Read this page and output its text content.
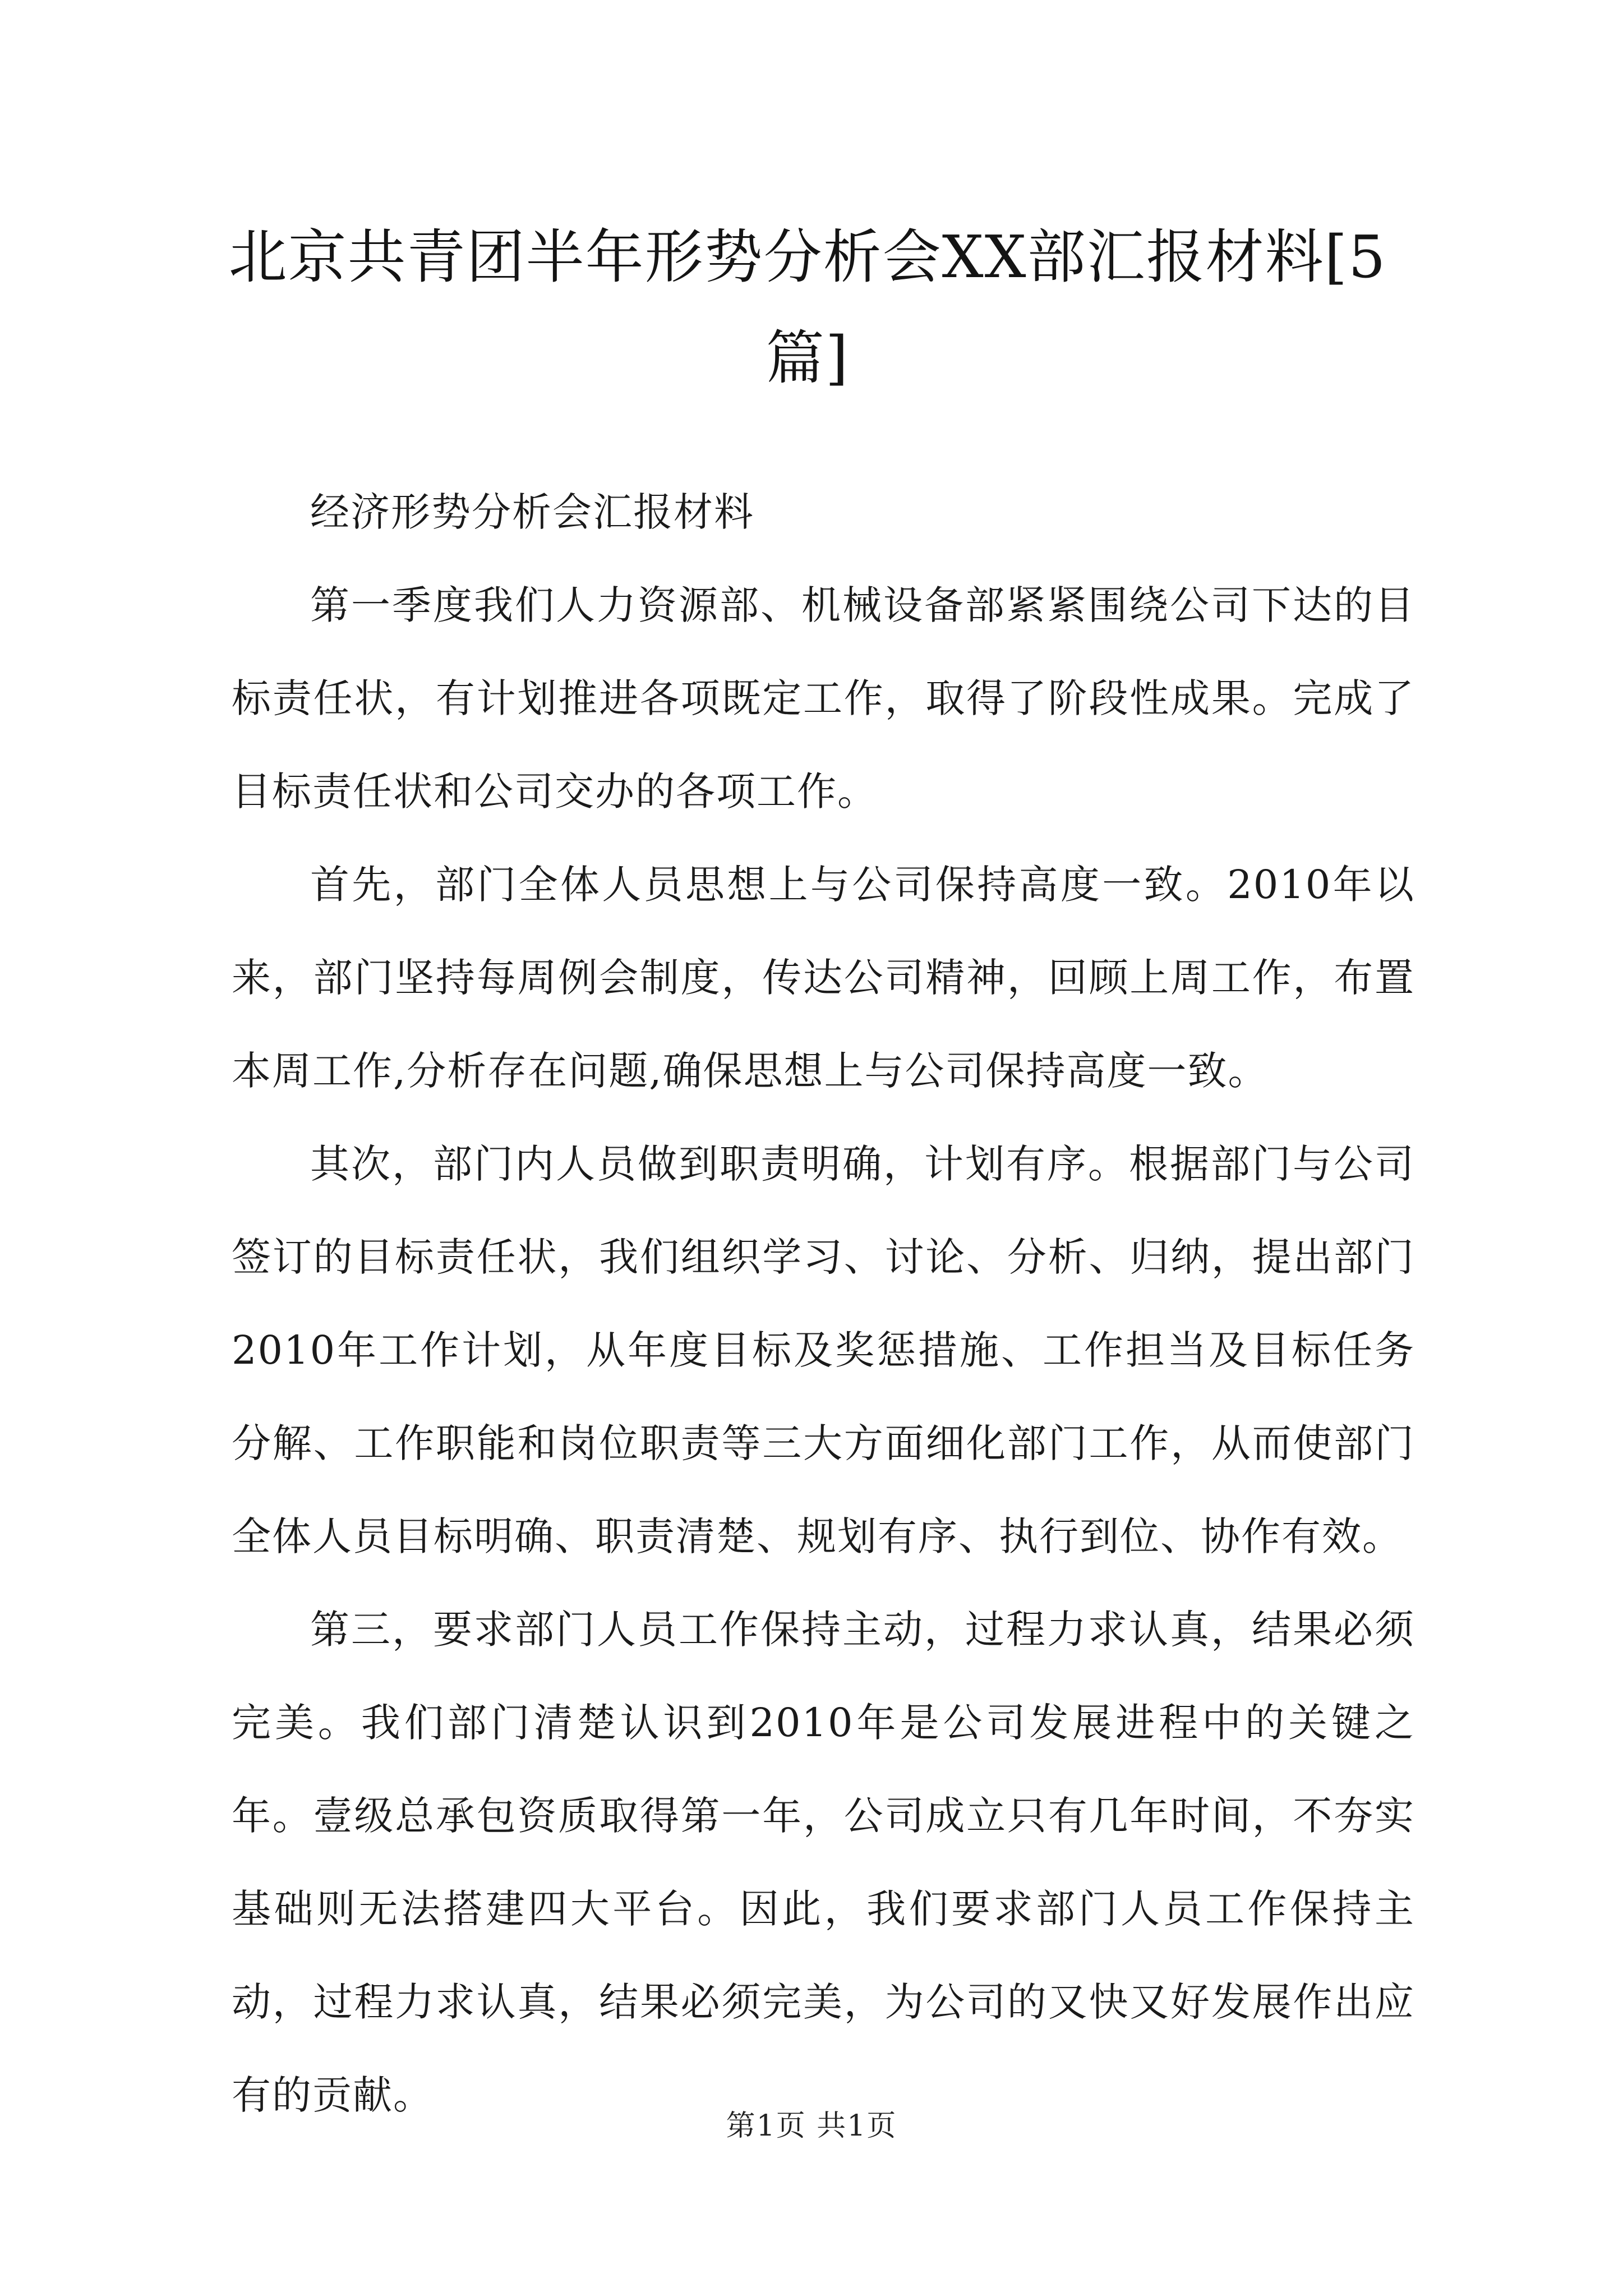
北京共青团半年形势分析会XX部汇报材料[5篇]

经济形势分析会汇报材料

第一季度我们人力资源部、机械设备部紧紧围绕公司下达的目标责任状，有计划推进各项既定工作，取得了阶段性成果。完成了目标责任状和公司交办的各项工作。

首先，部门全体人员思想上与公司保持高度一致。2010年以来，部门坚持每周例会制度，传达公司精神，回顾上周工作，布置本周工作,分析存在问题,确保思想上与公司保持高度一致。

其次，部门内人员做到职责明确，计划有序。根据部门与公司签订的目标责任状，我们组织学习、讨论、分析、归纳，提出部门2010年工作计划，从年度目标及奖惩措施、工作担当及目标任务分解、工作职能和岗位职责等三大方面细化部门工作，从而使部门全体人员目标明确、职责清楚、规划有序、执行到位、协作有效。

第三，要求部门人员工作保持主动，过程力求认真，结果必须完美。我们部门清楚认识到2010年是公司发展进程中的关键之年。壹级总承包资质取得第一年，公司成立只有几年时间，不夯实基础则无法搭建四大平台。因此，我们要求部门人员工作保持主动，过程力求认真，结果必须完美，为公司的又快又好发展作出应有的贡献。

第1页 共1页
